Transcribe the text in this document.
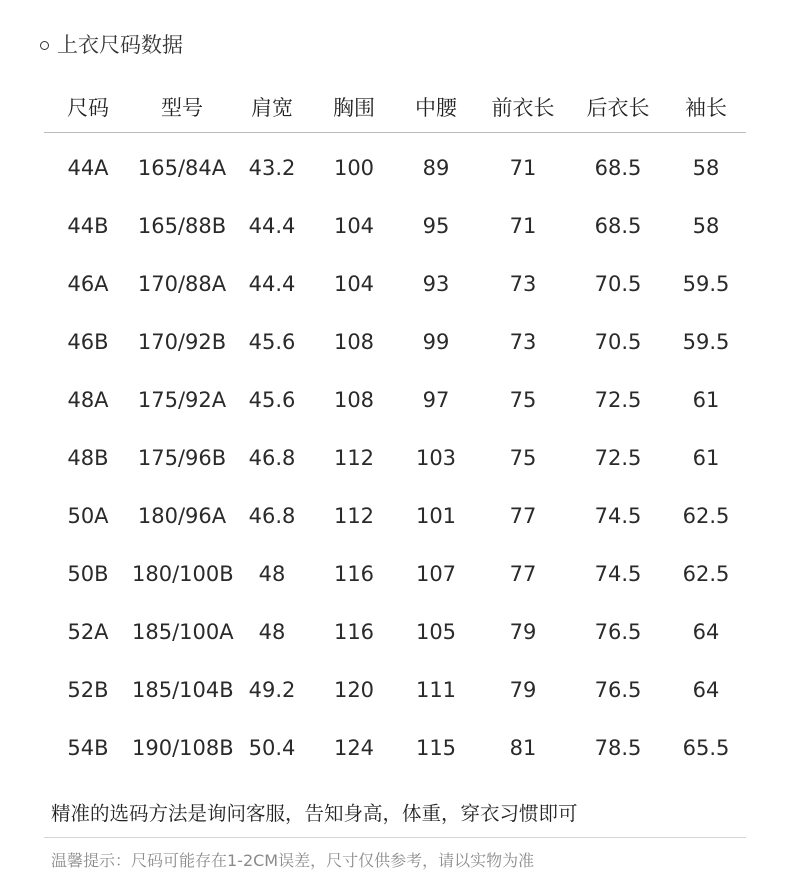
上衣尺码数据
尺码	型号	肩宽	胸围	中腰	前衣长	后衣长	袖长
44A	165/84A	43.2	100	89	71	68.5	58
44B	165/88B	44.4	104	95	71	68.5	58
46A	170/88A	44.4	104	93	73	70.5	59.5
46B	170/92B	45.6	108	99	73	70.5	59.5
48A	175/92A	45.6	108	97	75	72.5	61
48B	175/96B	46.8	112	103	75	72.5	61
50A	180/96A	46.8	112	101	77	74.5	62.5
50B	180/100B	48	116	107	77	74.5	62.5
52A	185/100A	48	116	105	79	76.5	64
52B	185/104B	49.2	120	111	79	76.5	64
54B	190/108B	50.4	124	115	81	78.5	65.5
精准的选码方法是询问客服，告知身高，体重，穿衣习惯即可
温馨提示：尺码可能存在1-2CM误差，尺寸仅供参考，请以实物为准
